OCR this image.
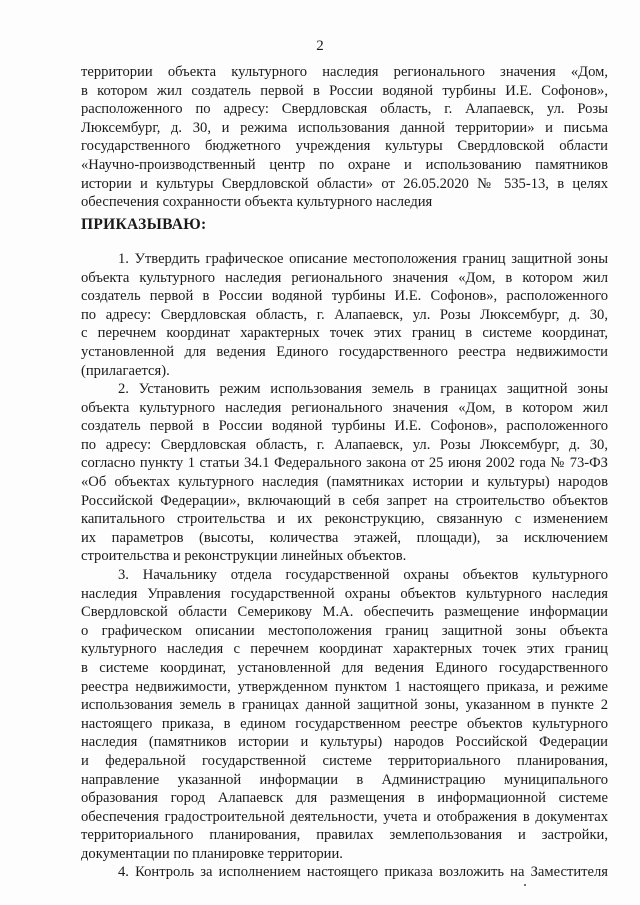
2
территории объекта культурного наследия регионального значения «Дом,
в котором жил создатель первой в России водяной турбины И.Е. Софонов»,
расположенного по адресу: Свердловская область, г. Алапаевск, ул. Розы
Люксембург, д. 30, и режима использования данной территории» и письма
государственного бюджетного учреждения культуры Свердловской области
«Научно-производственный центр по охране и использованию памятников
истории и культуры Свердловской области» от 26.05.2020 № 535-13, в целях
обеспечения сохранности объекта культурного наследия
ПРИКАЗЫВАЮ:
1. Утвердить графическое описание местоположения границ защитной зоны
объекта культурного наследия регионального значения «Дом, в котором жил
создатель первой в России водяной турбины И.Е. Софонов», расположенного
по адресу: Свердловская область, г. Алапаевск, ул. Розы Люксембург, д. 30,
с перечнем координат характерных точек этих границ в системе координат,
установленной для ведения Единого государственного реестра недвижимости
(прилагается).
2. Установить режим использования земель в границах защитной зоны
объекта культурного наследия регионального значения «Дом, в котором жил
создатель первой в России водяной турбины И.Е. Софонов», расположенного
по адресу: Свердловская область, г. Алапаевск, ул. Розы Люксембург, д. 30,
согласно пункту 1 статьи 34.1 Федерального закона от 25 июня 2002 года № 73-ФЗ
«Об объектах культурного наследия (памятниках истории и культуры) народов
Российской Федерации», включающий в себя запрет на строительство объектов
капитального строительства и их реконструкцию, связанную с изменением
их параметров (высоты, количества этажей, площади), за исключением
строительства и реконструкции линейных объектов.
3. Начальнику отдела государственной охраны объектов культурного
наследия Управления государственной охраны объектов культурного наследия
Свердловской области Семерикову М.А. обеспечить размещение информации
о графическом описании местоположения границ защитной зоны объекта
культурного наследия с перечнем координат характерных точек этих границ
в системе координат, установленной для ведения Единого государственного
реестра недвижимости, утвержденном пунктом 1 настоящего приказа, и режиме
использования земель в границах данной защитной зоны, указанном в пункте 2
настоящего приказа, в едином государственном реестре объектов культурного
наследия (памятников истории и культуры) народов Российской Федерации
и федеральной государственной системе территориального планирования,
направление указанной информации в Администрацию муниципального
образования город Алапаевск для размещения в информационной системе
обеспечения градостроительной деятельности, учета и отображения в документах
территориального планирования, правилах землепользования и застройки,
документации по планировке территории.
4. Контроль за исполнением настоящего приказа возложить на Заместителя
